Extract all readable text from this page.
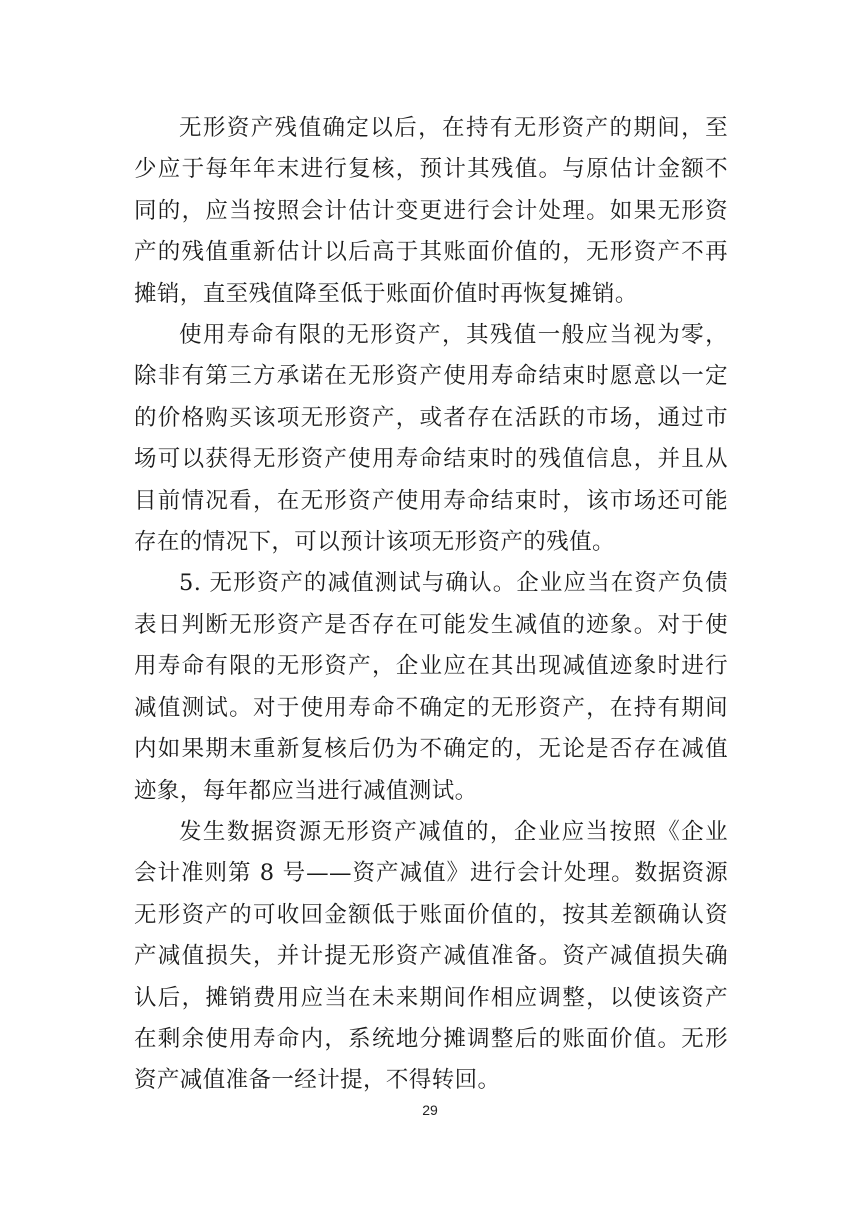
无形资产残值确定以后，在持有无形资产的期间，至少应于每年年末进行复核，预计其残值。与原估计金额不同的，应当按照会计估计变更进行会计处理。如果无形资产的残值重新估计以后高于其账面价值的，无形资产不再摊销，直至残值降至低于账面价值时再恢复摊销。

使用寿命有限的无形资产，其残值一般应当视为零，除非有第三方承诺在无形资产使用寿命结束时愿意以一定的价格购买该项无形资产，或者存在活跃的市场，通过市场可以获得无形资产使用寿命结束时的残值信息，并且从目前情况看，在无形资产使用寿命结束时，该市场还可能存在的情况下，可以预计该项无形资产的残值。

5. 无形资产的减值测试与确认。企业应当在资产负债表日判断无形资产是否存在可能发生减值的迹象。对于使用寿命有限的无形资产，企业应在其出现减值迹象时进行减值测试。对于使用寿命不确定的无形资产，在持有期间内如果期末重新复核后仍为不确定的，无论是否存在减值迹象，每年都应当进行减值测试。

发生数据资源无形资产减值的，企业应当按照《企业会计准则第 8 号——资产减值》进行会计处理。数据资源无形资产的可收回金额低于账面价值的，按其差额确认资产减值损失，并计提无形资产减值准备。资产减值损失确认后，摊销费用应当在未来期间作相应调整，以使该资产在剩余使用寿命内，系统地分摊调整后的账面价值。无形资产减值准备一经计提，不得转回。

29
